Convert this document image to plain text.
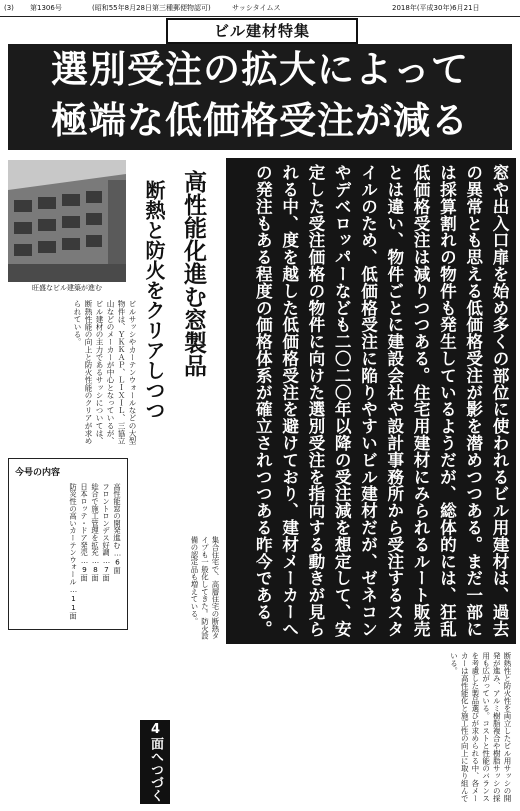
(3) 第1306号	(昭和55年8月28日第三種郵便物認可)	サッシタイムス	2018年(平成30年)6月21日
ビル建材特集
選別受注の拡大によって
極端な低価格受注が減る
窓や出入口扉を始め多くの部位に使われるビル用建材は、過去の異常とも思える低価格受注が影を潜めつつある。まだ一部には採算割れの物件も発生しているようだが、総体的には、狂乱低価格受注は減りつつある。住宅用建材にみられるルート販売とは違い、物件ごとに建設会社や設計事務所から受注するスタイルのため、低価格受注に陥りやすいビル建材だが、ゼネコンやデベロッパーなども二〇二〇年以降の受注減を想定して、安定した受注価格の物件に向けた選別受注を指向する動きが見られる中、度を越した低価格受注を避けており、建材メーカーへの発注もある程度の価格体系が確立されつつある昨今である。
旺盛なビル建築が進む	高性能化進む窓製品
断熱と防火をクリアしつつ
ビルサッシやカーテンウォールなどの大型物件は、ＹＫＫＡＰ、ＬＩＸＩＬ、三協立山などのメーカーが中心となっているが、ビル建材の主力であるサッシについては、断熱性能の向上と防火性能のクリアが求められている。
今号の内容
高性能窓の開発進む…6面
フロントロンデス好調…7面
総合で施工管理を拡充…8面
日本ロッテ・ドア発売…9面
防災性の高いカーテンウォール…11面	集合住宅で、高層住宅の断熱タイプも一般化してきた。防火設備の認定品も増えている。
断熱性と防火性を両立したビル用サッシの開発が進み、アルミ樹脂複合や樹脂サッシの採用も広がっている。コストと性能のバランスを考慮した製品選びが求められる中、各メーカーは高性能化と施工性の向上に取り組んでいる。
4面へつづく
